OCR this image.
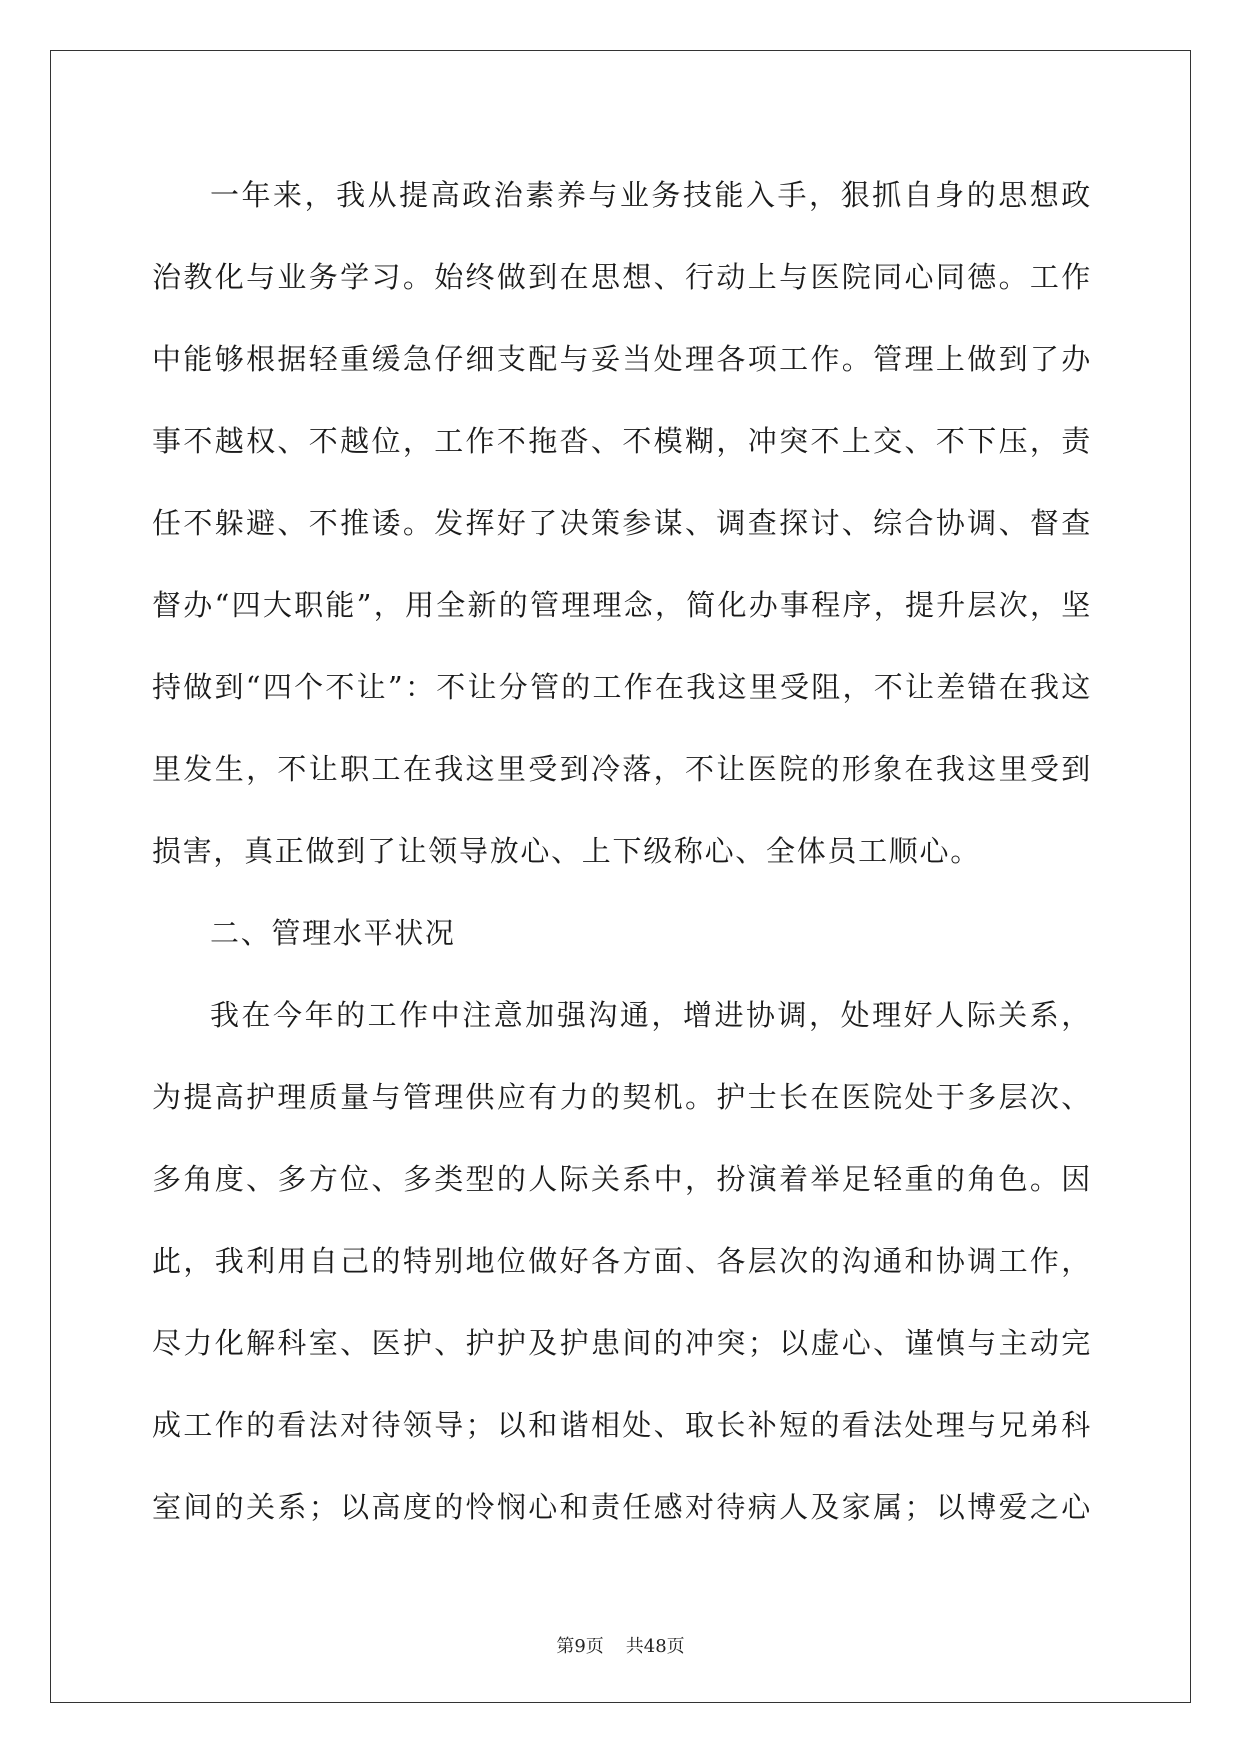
一年来，我从提高政治素养与业务技能入手，狠抓自身的思想政
治教化与业务学习。始终做到在思想、行动上与医院同心同德。工作
中能够根据轻重缓急仔细支配与妥当处理各项工作。管理上做到了办
事不越权、不越位，工作不拖沓、不模糊，冲突不上交、不下压，责
任不躲避、不推诿。发挥好了决策参谋、调查探讨、综合协调、督查
督办“四大职能”，用全新的管理理念，简化办事程序，提升层次，坚
持做到“四个不让”：不让分管的工作在我这里受阻，不让差错在我这
里发生，不让职工在我这里受到冷落，不让医院的形象在我这里受到
损害，真正做到了让领导放心、上下级称心、全体员工顺心。
二、管理水平状况
我在今年的工作中注意加强沟通，增进协调，处理好人际关系，
为提高护理质量与管理供应有力的契机。护士长在医院处于多层次、
多角度、多方位、多类型的人际关系中，扮演着举足轻重的角色。因
此，我利用自己的特别地位做好各方面、各层次的沟通和协调工作，
尽力化解科室、医护、护护及护患间的冲突；以虚心、谨慎与主动完
成工作的看法对待领导；以和谐相处、取长补短的看法处理与兄弟科
室间的关系；以高度的怜悯心和责任感对待病人及家属；以博爱之心
第9页 共48页
